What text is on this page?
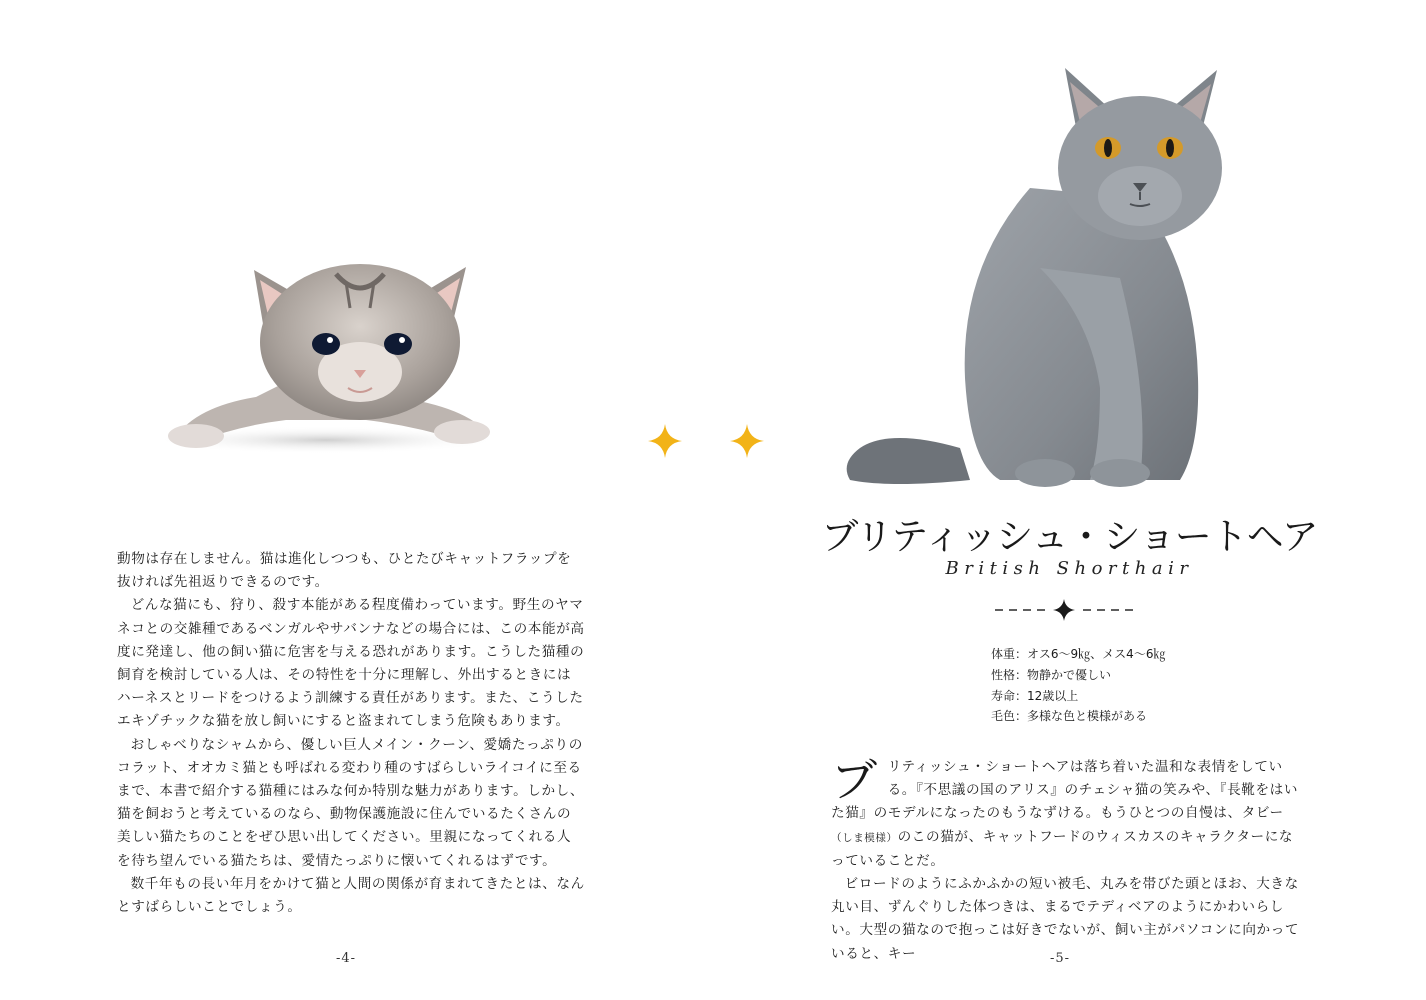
動物は存在しません。猫は進化しつつも、ひとたびキャットフラップを抜ければ先祖返りできるのです。

どんな猫にも、狩り、殺す本能がある程度備わっています。野生のヤマネコとの交雑種であるベンガルやサバンナなどの場合には、この本能が高度に発達し、他の飼い猫に危害を与える恐れがあります。こうした猫種の飼育を検討している人は、その特性を十分に理解し、外出するときにはハーネスとリードをつけるよう訓練する責任があります。また、こうしたエキゾチックな猫を放し飼いにすると盗まれてしまう危険もあります。

おしゃべりなシャムから、優しい巨人メイン・クーン、愛嬌たっぷりのコラット、オオカミ猫とも呼ばれる変わり種のすばらしいライコイに至るまで、本書で紹介する猫種にはみな何か特別な魅力があります。しかし、猫を飼おうと考えているのなら、動物保護施設に住んでいるたくさんの美しい猫たちのことをぜひ思い出してください。里親になってくれる人を待ち望んでいる猫たちは、愛情たっぷりに懐いてくれるはずです。

数千年もの長い年月をかけて猫と人間の関係が育まれてきたとは、なんとすばらしいことでしょう。

-4-
ブリティッシュ・ショートヘア

British Shorthair

体重 ： オス6〜9㎏、メス4〜6㎏
性格 ： 物静かで優しい
寿命 ： 12歳以上
毛色 ： 多様な色と模様がある

ブリティッシュ・ショートヘアは落ち着いた温和な表情をしている。『不思議の国のアリス』のチェシャ猫の笑みや、『長靴をはいた猫』のモデルになったのもうなずける。もうひとつの自慢は、タビー（しま模様）のこの猫が、キャットフードのウィスカスのキャラクターになっていることだ。

ビロードのようにふかふかの短い被毛、丸みを帯びた頭とほお、大きな丸い目、ずんぐりした体つきは、まるでテディベアのようにかわいらしい。大型の猫なので抱っこは好きでないが、飼い主がパソコンに向かっていると、キー	-5-
